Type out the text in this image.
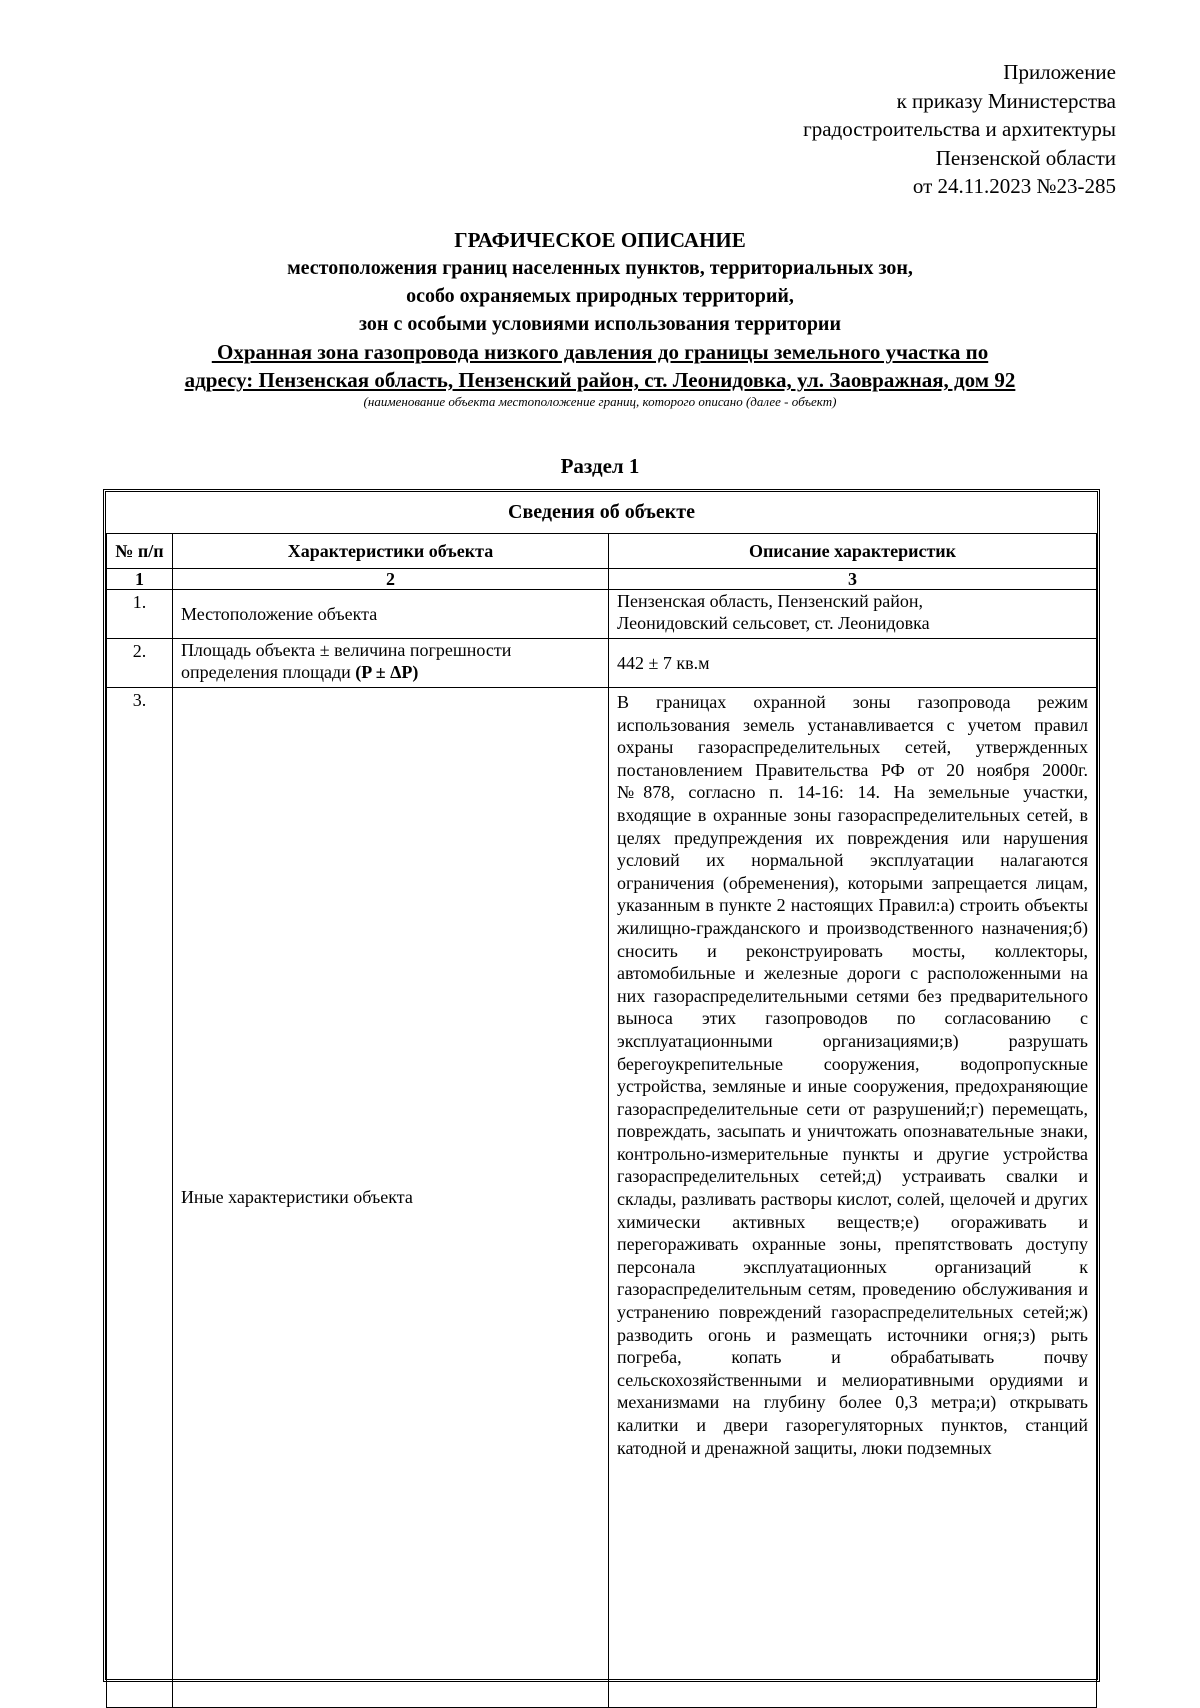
Приложение
к приказу Министерства
градостроительства и архитектуры
Пензенской области
от 24.11.2023 №23-285
ГРАФИЧЕСКОЕ ОПИСАНИЕ
местоположения границ населенных пунктов, территориальных зон,
особо охраняемых природных территорий,
зон с особыми условиями использования территории
Охранная зона газопровода низкого давления до границы земельного участка по
адресу: Пензенская область, Пензенский район, ст. Леонидовка, ул. Заовражная, дом 92
(наименование объекта местоположение границ, которого описано (далее - объект)
Раздел 1
Сведения об объекте
№ п/п	Характеристики объекта	Описание характеристик
1	2	3
1.	Местоположение объекта	Пензенская область, Пензенский район,
Леонидовский сельсовет, ст. Леонидовка

2.	Площадь объекта ± величина погрешности
определения площади (P ± ΔP)	442 ± 7 кв.м
3.	Иные характеристики объекта	В границах охранной зоны газопровода режим использования земель устанавливается с учетом правил охраны газораспределительных сетей, утвержденных постановлением Правительства РФ от 20 ноября 2000г. №878, согласно п. 14-16: 14. На земельные участки, входящие в охранные зоны газораспределительных сетей, в целях предупреждения их повреждения или нарушения условий их нормальной эксплуатации налагаются ограничения (обременения), которыми запрещается лицам, указанным в пункте 2 настоящих Правил:а) строить объекты жилищно-гражданского и производственного назначения;б) сносить и реконструировать мосты, коллекторы, автомобильные и железные дороги с расположенными на них газораспределительными сетями без предварительного выноса этих газопроводов по согласованию с эксплуатационными организациями;в) разрушать берегоукрепительные сооружения, водопропускные устройства, земляные и иные сооружения, предохраняющие газораспределительные сети от разрушений;г) перемещать, повреждать, засыпать и уничтожать опознавательные знаки, контрольно-измерительные пункты и другие устройства газораспределительных сетей;д) устраивать свалки и склады, разливать растворы кислот, солей, щелочей и других химически активных веществ;е) огораживать и перегораживать охранные зоны, препятствовать доступу персонала эксплуатационных организаций к газораспределительным сетям, проведению обслуживания и устранению повреждений газораспределительных сетей;ж) разводить огонь и размещать источники огня;з) рыть погреба, копать и обрабатывать почву сельскохозяйственными и мелиоративными орудиями и механизмами на глубину более 0,3 метра;и) открывать калитки и двери газорегуляторных пунктов, станций катодной и дренажной защиты, люки подземных
